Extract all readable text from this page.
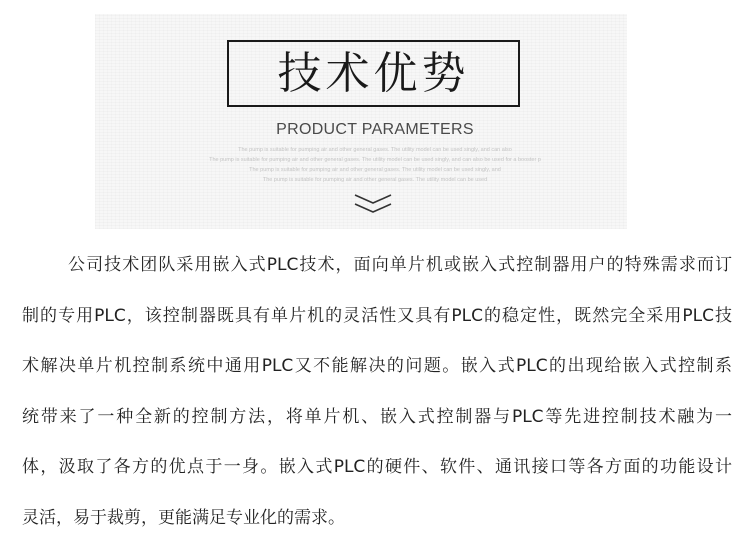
技术优势
PRODUCT PARAMETERS
The pump is suitable for pumping air and other general gases. The utility model can be used singly, and can also
The pump is suitable for pumping air and other general gases. The utility model can be used singly, and can also be used for a booster p
The pump is suitable for pumping air and other general gases. The utility model can be used singly, and
The pump is suitable for pumping air and other general gases. The utility model can be used
公司技术团队采用嵌入式PLC技术，面向单片机或嵌入式控制器用户的特殊需求而订
制的专用PLC，该控制器既具有单片机的灵活性又具有PLC的稳定性，既然完全采用PLC技
术解决单片机控制系统中通用PLC又不能解决的问题。嵌入式PLC的出现给嵌入式控制系
统带来了一种全新的控制方法，将单片机、嵌入式控制器与PLC等先进控制技术融为一
体，汲取了各方的优点于一身。嵌入式PLC的硬件、软件、通讯接口等各方面的功能设计
灵活，易于裁剪，更能满足专业化的需求。
